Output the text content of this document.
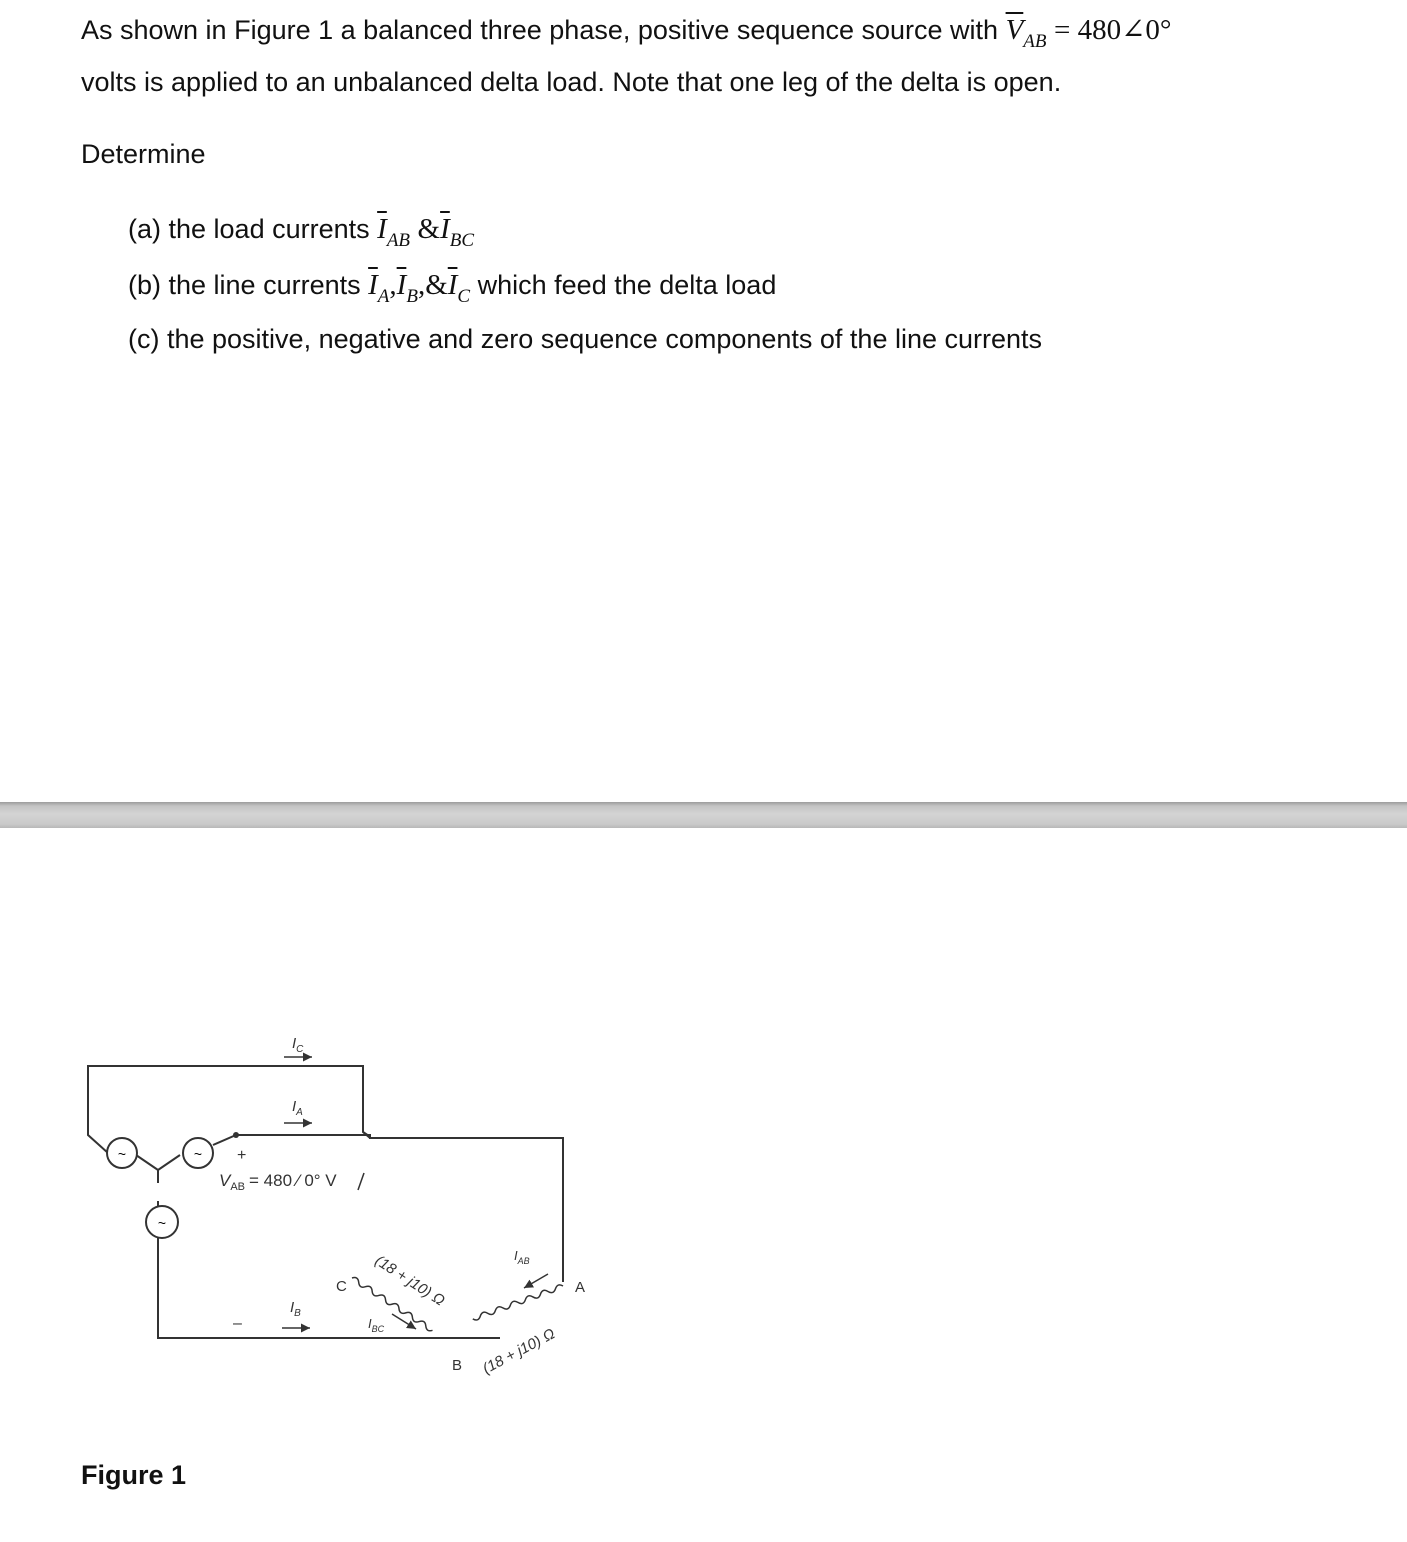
As shown in Figure 1 a balanced three phase, positive sequence source with $\overline{V}_{AB}$ = 480∠0°
volts is applied to an unbalanced delta load. Note that one leg of the delta is open.
Determine
(a) the load currents $\overline{I}_{AB}$ $\&\overline{I}_{BC}$
(b) the line currents $\overline{I}_A,\overline{I}_B,\&\overline{I}_C$ which feed the delta load
(c) the positive, negative and zero sequence components of the line currents
~	~
~
$I_C$
$I_A$
$I_B$
+
–
$V_{AB} = 480$ ⁄ 0° V
C	A
B
(18 + j10) Ω
$I_{BC}$	(18 + j10) Ω
$I_{AB}$
Figure 1
